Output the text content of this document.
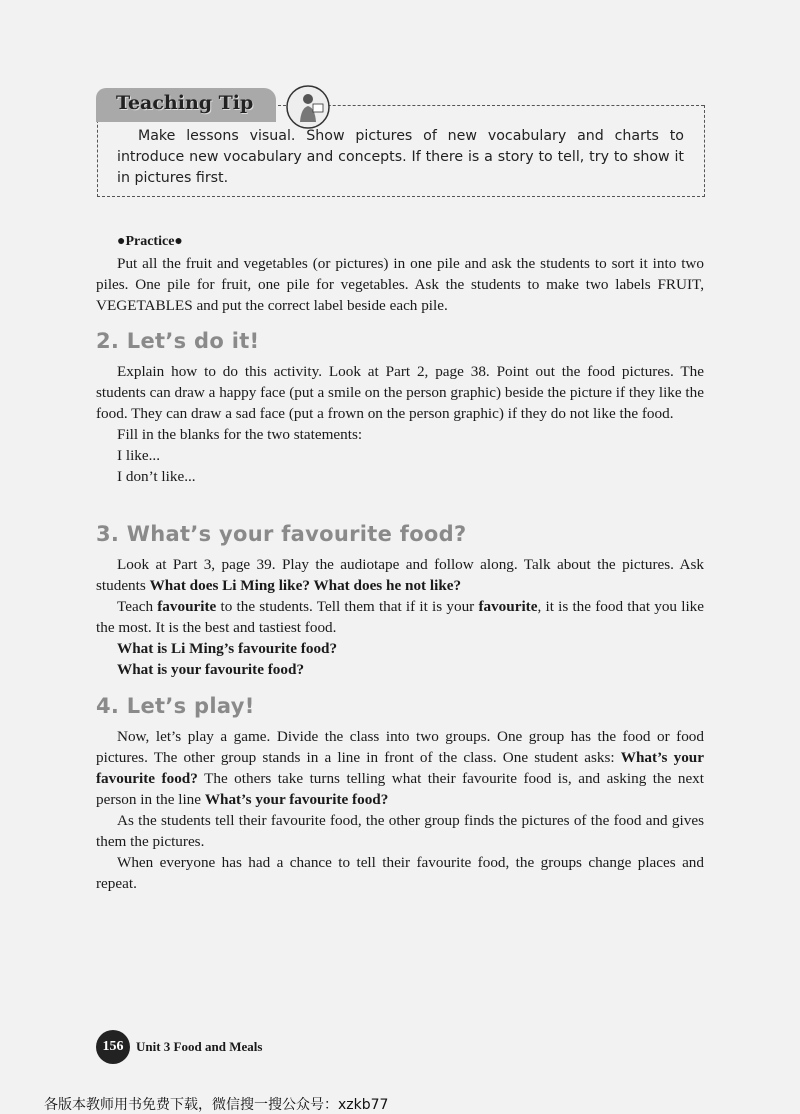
Teaching Tip
Make lessons visual. Show pictures of new vocabulary and charts to introduce new vocabulary and concepts. If there is a story to tell, try to show it in pictures first.
●Practice●

Put all the fruit and vegetables (or pictures) in one pile and ask the students to sort it into two piles. One pile for fruit, one pile for vegetables. Ask the students to make two labels FRUIT, VEGETABLES and put the correct label beside each pile.

2. Let’s do it!

Explain how to do this activity. Look at Part 2, page 38. Point out the food pictures. The students can draw a happy face (put a smile on the person graphic) beside the picture if they like the food. They can draw a sad face (put a frown on the person graphic) if they do not like the food.

Fill in the blanks for the two statements:

I like...

I don’t like...

3. What’s your favourite food?

Look at Part 3, page 39. Play the audiotape and follow along. Talk about the pictures. Ask students What does Li Ming like? What does he not like?

Teach favourite to the students. Tell them that if it is your favourite, it is the food that you like the most. It is the best and tastiest food.

What is Li Ming’s favourite food?

What is your favourite food?

4. Let’s play!

Now, let’s play a game. Divide the class into two groups. One group has the food or food pictures. The other group stands in a line in front of the class. One student asks: What’s your favourite food? The others take turns telling what their favourite food is, and asking the next person in the line What’s your favourite food?

As the students tell their favourite food, the other group finds the pictures of the food and gives them the pictures.

When everyone has had a chance to tell their favourite food, the groups change places and repeat.

156 Unit 3 Food and Meals
各版本教师用书免费下载，微信搜一搜公众号：xzkb77
